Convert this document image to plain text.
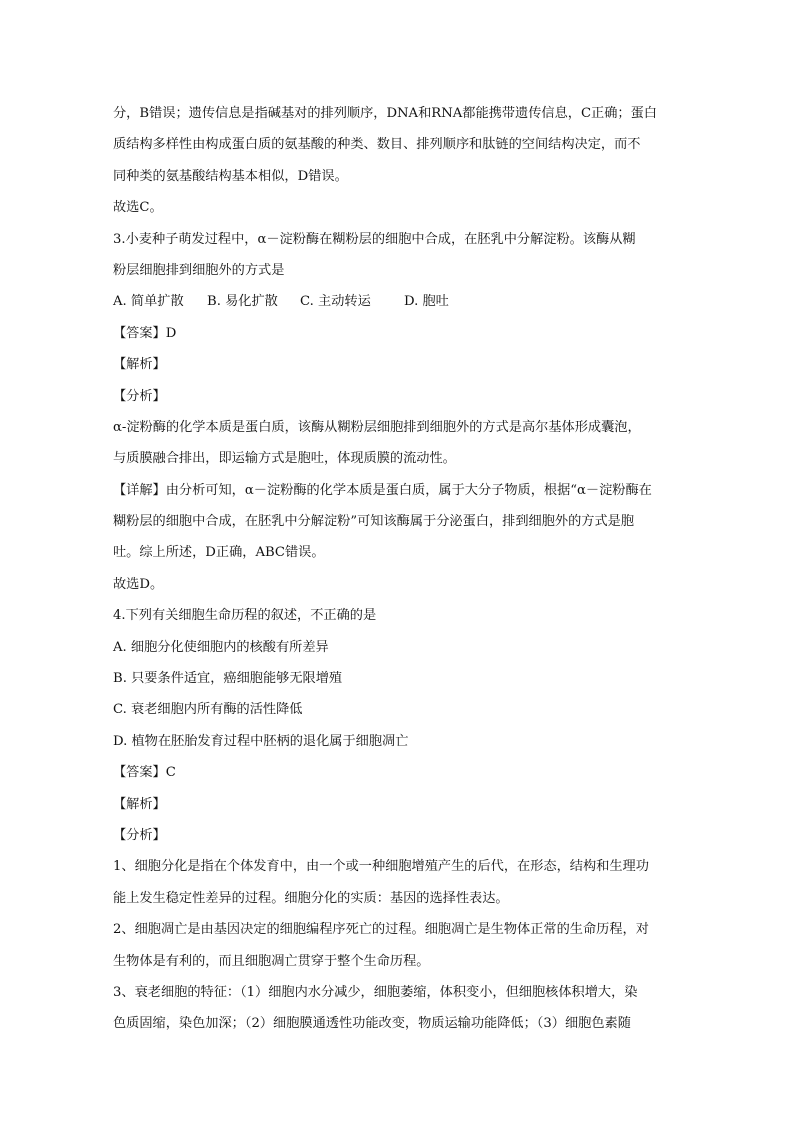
分，B错误；遗传信息是指碱基对的排列顺序，DNA和RNA都能携带遗传信息，C正确；蛋白
质结构多样性由构成蛋白质的氨基酸的种类、数目、排列顺序和肽链的空间结构决定，而不
同种类的氨基酸结构基本相似，D错误。
故选C。
3.小麦种子萌发过程中，α－淀粉酶在糊粉层的细胞中合成，在胚乳中分解淀粉。该酶从糊
粉层细胞排到细胞外的方式是
A. 简单扩散	B. 易化扩散	C. 主动转运	D. 胞吐
【答案】D
【解析】
【分析】
α-淀粉酶的化学本质是蛋白质，该酶从糊粉层细胞排到细胞外的方式是高尔基体形成囊泡，
与质膜融合排出，即运输方式是胞吐，体现质膜的流动性。
【详解】由分析可知，α－淀粉酶的化学本质是蛋白质，属于大分子物质，根据“α－淀粉酶在
糊粉层的细胞中合成，在胚乳中分解淀粉”可知该酶属于分泌蛋白，排到细胞外的方式是胞
吐。综上所述，D正确，ABC错误。
故选D。
4.下列有关细胞生命历程的叙述，不正确的是
A. 细胞分化使细胞内的核酸有所差异
B. 只要条件适宜，癌细胞能够无限增殖
C. 衰老细胞内所有酶的活性降低
D. 植物在胚胎发育过程中胚柄的退化属于细胞凋亡
【答案】C
【解析】
【分析】
1、细胞分化是指在个体发育中，由一个或一种细胞增殖产生的后代，在形态，结构和生理功
能上发生稳定性差异的过程。细胞分化的实质：基因的选择性表达。
2、细胞凋亡是由基因决定的细胞编程序死亡的过程。细胞凋亡是生物体正常的生命历程，对
生物体是有利的，而且细胞凋亡贯穿于整个生命历程。
3、衰老细胞的特征：（1）细胞内水分减少，细胞萎缩，体积变小，但细胞核体积增大，染
色质固缩，染色加深；（2）细胞膜通透性功能改变，物质运输功能降低；（3）细胞色素随
